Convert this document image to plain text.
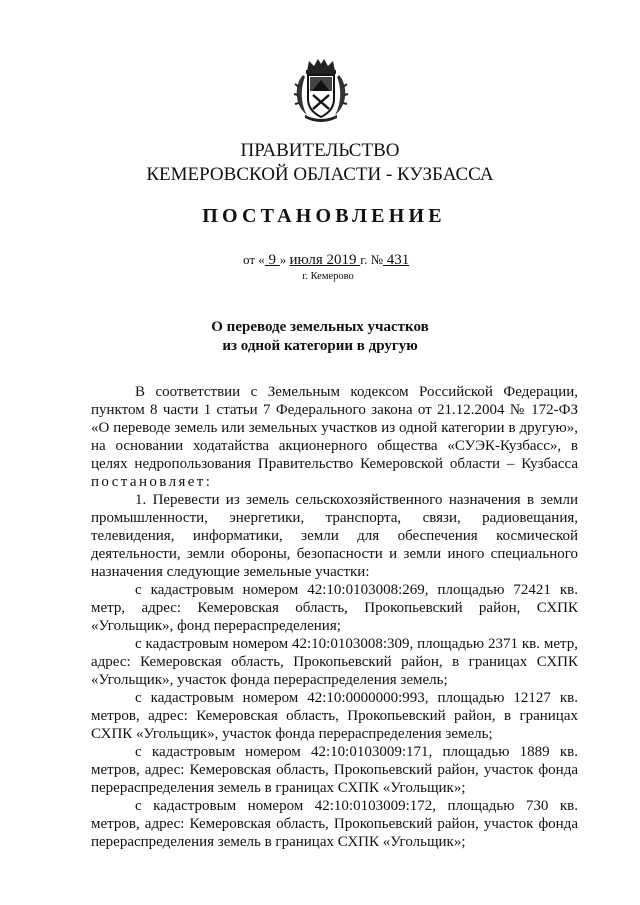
ПРАВИТЕЛЬСТВО
КЕМЕРОВСКОЙ ОБЛАСТИ - КУЗБАССА
ПОСТАНОВЛЕНИЕ
от « 9 » июля 2019 г. № 431
г. Кемерово
О переводе земельных участков
из одной категории в другую

В соответствии с Земельным кодексом Российской Федерации, пунктом 8 части 1 статьи 7 Федерального закона от 21.12.2004 № 172-ФЗ «О переводе земель или земельных участков из одной категории в другую», на основании ходатайства акционерного общества «СУЭК-Кузбасс», в целях недропользования Правительство Кемеровской области – Кузбасса постановляет:

1. Перевести из земель сельскохозяйственного назначения в земли промышленности, энергетики, транспорта, связи, радиовещания, телевидения, информатики, земли для обеспечения космической деятельности, земли обороны, безопасности и земли иного специального назначения следующие земельные участки:

с кадастровым номером 42:10:0103008:269, площадью 72421 кв. метр, адрес: Кемеровская область, Прокопьевский район, СХПК «Угольщик», фонд перераспределения;

с кадастровым номером 42:10:0103008:309, площадью 2371 кв. метр, адрес: Кемеровская область, Прокопьевский район, в границах СХПК «Угольщик», участок фонда перераспределения земель;

с кадастровым номером 42:10:0000000:993, площадью 12127 кв. метров, адрес: Кемеровская область, Прокопьевский район, в границах СХПК «Угольщик», участок фонда перераспределения земель;

с кадастровым номером 42:10:0103009:171, площадью 1889 кв. метров, адрес: Кемеровская область, Прокопьевский район, участок фонда перераспределения земель в границах СХПК «Угольщик»;

с кадастровым номером 42:10:0103009:172, площадью 730 кв. метров, адрес: Кемеровская область, Прокопьевский район, участок фонда перераспределения земель в границах СХПК «Угольщик»;
